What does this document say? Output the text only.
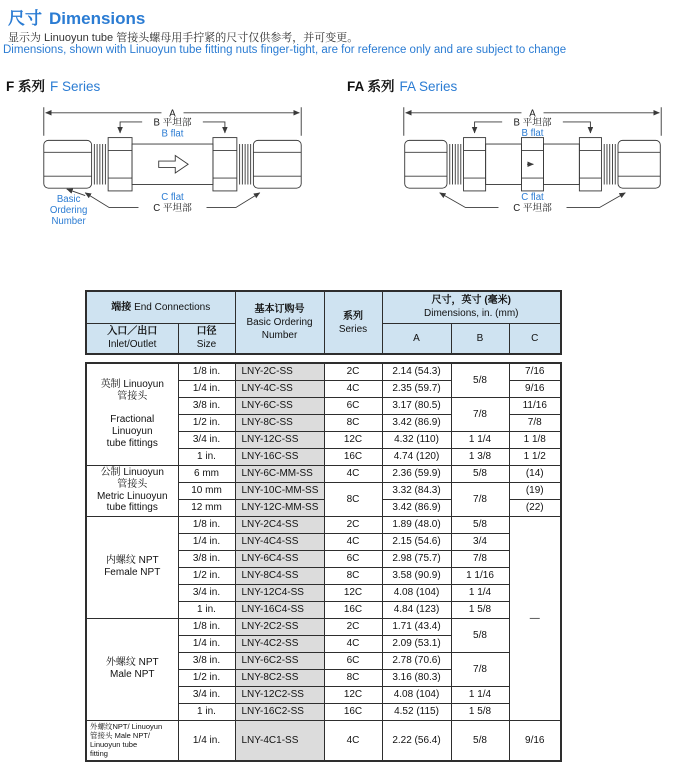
尺寸 Dimensions

显示为 Linuoyun tube 管接头螺母用手拧紧的尺寸仅供参考，并可变更。

Dimensions, shown with Linuoyun tube fitting nuts finger-tight, are for reference only and are subject to change

F 系列 F Series	FA 系列 FA Series
A
B 平坦部
B flat
C flat
C 平坦部
Basic
Ordering
Number
A
B 平坦部
B flat
C flat
C 平坦部
端接 End Connections		基本订购号
Basic Ordering Number	系列
Series	尺寸，英寸 (毫米)
Dimensions, in. (mm)		
入口／出口
Inlet/Outlet	口径
Size			A	B	C
英制 Linuoyun
管接头

Fractional
Linuoyun
tube fittings	1/8 in.	LNY-2C-SS	2C	2.14 (54.3)	5/8	7/16
	1/4 in.	LNY-4C-SS	4C	2.35 (59.7)		9/16
	3/8 in.	LNY-6C-SS	6C	3.17 (80.5)	7/8	11/16
	1/2 in.	LNY-8C-SS	8C	3.42 (86.9)		7/8
	3/4 in.	LNY-12C-SS	12C	4.32 (110)	1 1/4	1 1/8
	1 in.	LNY-16C-SS	16C	4.74 (120)	1 3/8	1 1/2
公制 Linuoyun
管接头
Metric Linuoyun
tube fittings	6 mm	LNY-6C-MM-SS	4C	2.36 (59.9)	5/8	(14)
	10 mm	LNY-10C-MM-SS	8C	3.32 (84.3)	7/8	(19)
	12 mm	LNY-12C-MM-SS		3.42 (86.9)		(22)
内螺纹 NPT
Female NPT	1/8 in.	LNY-2C4-SS	2C	1.89 (48.0)	5/8	—
	1/4 in.	LNY-4C4-SS	4C	2.15 (54.6)	3/4	
	3/8 in.	LNY-6C4-SS	6C	2.98 (75.7)	7/8	
	1/2 in.	LNY-8C4-SS	8C	3.58 (90.9)	1 1/16	
	3/4 in.	LNY-12C4-SS	12C	4.08 (104)	1 1/4	
	1 in.	LNY-16C4-SS	16C	4.84 (123)	1 5/8	
外螺纹 NPT
Male NPT	1/8 in.	LNY-2C2-SS	2C	1.71 (43.4)	5/8	
	1/4 in.	LNY-4C2-SS	4C	2.09 (53.1)		
	3/8 in.	LNY-6C2-SS	6C	2.78 (70.6)	7/8	
	1/2 in.	LNY-8C2-SS	8C	3.16 (80.3)		
	3/4 in.	LNY-12C2-SS	12C	4.08 (104)	1 1/4	
	1 in.	LNY-16C2-SS	16C	4.52 (115)	1 5/8	
外螺纹NPT/ Linuoyun
管接头 Male NPT/
Linuoyun tube
fitting	1/4 in.	LNY-4C1-SS	4C	2.22 (56.4)	5/8	9/16
